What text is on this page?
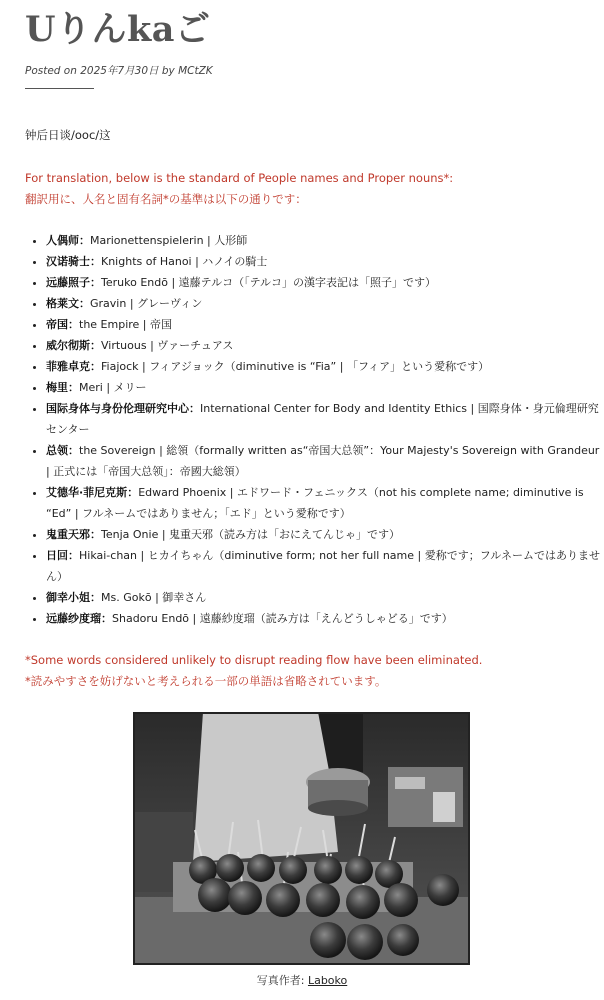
Uりんkaご
Posted on 2025年7月30日 by MCtZK
钟后日谈/ooc/这
For translation, below is the standard of People names and Proper nouns*:
翻訳用に、人名と固有名詞*の基準は以下の通りです：
• 人偶师：Marionettenspielerin | 人形師
• 汉诺骑士：Knights of Hanoi | ハノイの騎士
• 远藤照子：Teruko Endō | 遠藤テルコ（「テルコ」の漢字表記は「照子」です）
• 格莱文：Gravin | グレーヴィン
• 帝国：the Empire | 帝国
• 威尔彻斯：Virtuous | ヴァーチュアス
• 菲雅卓克：Fiajock | フィアジョック（diminutive is “Fia” | 「フィア」という愛称です）
• 梅里：Meri | メリー
• 国际身体与身份伦理研究中心：International Center for Body and Identity Ethics | 国際身体・身元倫理研究センター
• 总领：the Sovereign | 総領（formally written as“帝国大总领”：Your Majesty's Sovereign with Grandeur | 正式には「帝国大总领」：帝國大総領）
• 艾德华·菲尼克斯：Edward Phoenix | エドワード・フェニックス（not his complete name; diminutive is “Ed” | フルネームではありません；「エド」という愛称です）
• 鬼重天邪：Tenja Onie | 鬼重天邪（読み方は「おにえてんじゃ」です）
• 日回：Hikai-chan | ヒカイちゃん（diminutive form; not her full name | 愛称です；フルネームではありません）
• 御幸小姐：Ms. Gokō | 御幸さん
• 远藤纱度瑠：Shadoru Endō | 遠藤紗度瑠（読み方は「えんどうしゃどる」です）
*Some words considered unlikely to disrupt reading flow have been eliminated.
*読みやすさを妨げないと考えられる一部の単語は省略されています。
写真作者: Laboko
